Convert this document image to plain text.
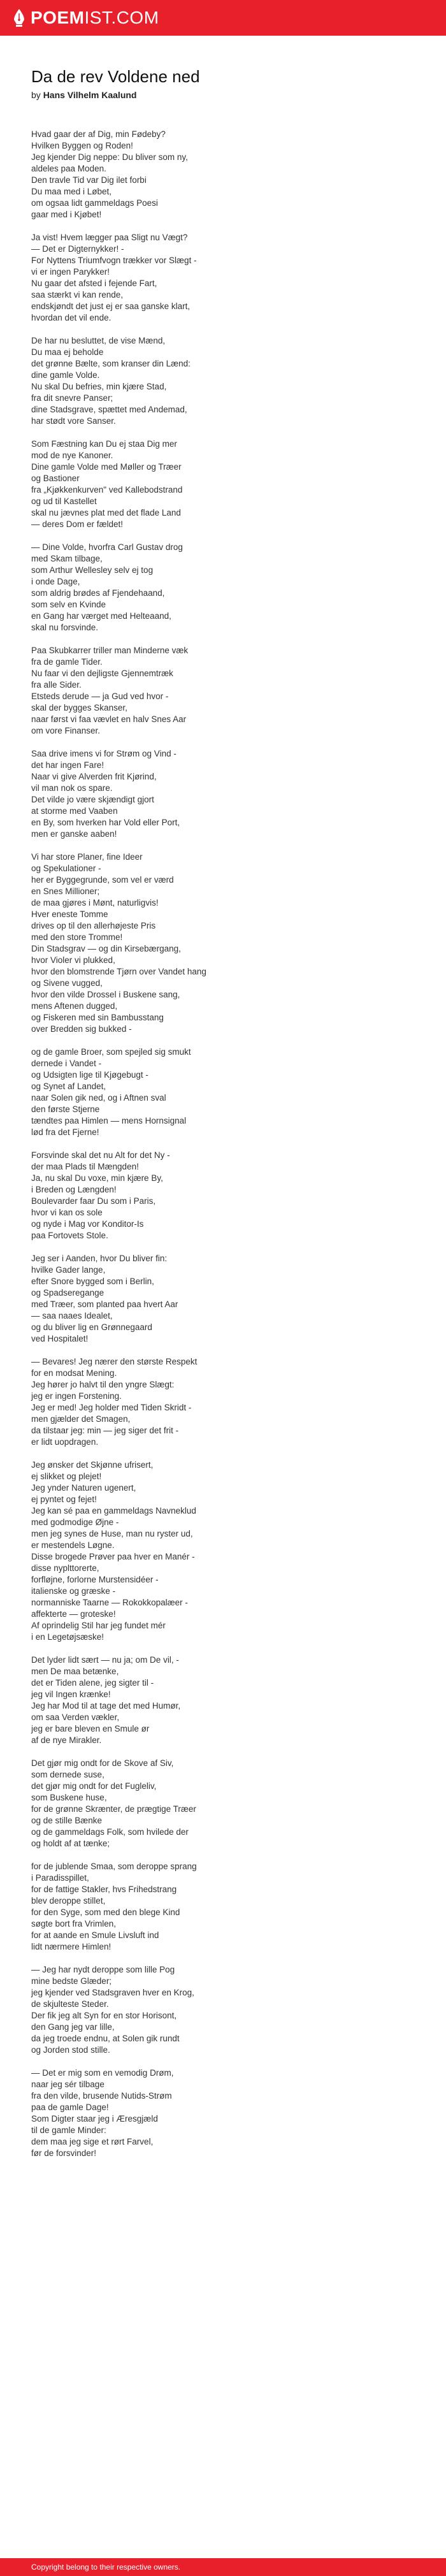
POEMIST.COM
Da de rev Voldene ned
by Hans Vilhelm Kaalund
Hvad gaar der af Dig, min Fødeby?
Hvilken Byggen og Roden!
Jeg kjender Dig neppe: Du bliver som ny,
aldeles paa Moden.
Den travle Tid var Dig ilet forbi
Du maa med i Løbet,
om ogsaa lidt gammeldags Poesi
gaar med i Kjøbet!
Ja vist! Hvem lægger paa Sligt nu Vægt?
— Det er Digternykker! -
For Nyttens Triumfvogn trækker vor Slægt -
vi er ingen Parykker!
Nu gaar det afsted i fejende Fart,
saa stærkt vi kan rende,
endskjøndt det just ej er saa ganske klart,
hvordan det vil ende.
De har nu besluttet, de vise Mænd,
Du maa ej beholde
det grønne Bælte, som kranser din Lænd:
dine gamle Volde.
Nu skal Du befries, min kjære Stad,
fra dit snevre Panser;
dine Stadsgrave, spættet med Andemad,
har stødt vore Sanser.
Som Fæstning kan Du ej staa Dig mer
mod de nye Kanoner.
Dine gamle Volde med Møller og Træer
og Bastioner
fra „Kjøkkenkurven" ved Kallebodstrand
og ud til Kastellet
skal nu jævnes plat med det flade Land
— deres Dom er fældet!
— Dine Volde, hvorfra Carl Gustav drog
med Skam tilbage,
som Arthur Wellesley selv ej tog
i onde Dage,
som aldrig brødes af Fjendehaand,
som selv en Kvinde
en Gang har værget med Helteaand,
skal nu forsvinde.
Paa Skubkarrer triller man Minderne væk
fra de gamle Tider.
Nu faar vi den dejligste Gjennemtræk
fra alle Sider.
Etsteds derude — ja Gud ved hvor -
skal der bygges Skanser,
naar først vi faa vævlet en halv Snes Aar
om vore Finanser.
Saa drive imens vi for Strøm og Vind -
det har ingen Fare!
Naar vi give Alverden frit Kjørind,
vil man nok os spare.
Det vilde jo være skjændigt gjort
at storme med Vaaben
en By, som hverken har Vold eller Port,
men er ganske aaben!
Vi har store Planer, fine Ideer
og Spekulationer -
her er Byggegrunde, som vel er værd
en Snes Millioner;
de maa gjøres i Mønt, naturligvis!
Hver eneste Tomme
drives op til den allerhøjeste Pris
med den store Tromme!
Din Stadsgrav — og din Kirsebærgang,
hvor Violer vi plukked,
hvor den blomstrende Tjørn over Vandet hang
og Sivene vugged,
hvor den vilde Drossel i Buskene sang,
mens Aftenen dugged,
og Fiskeren med sin Bambusstang
over Bredden sig bukked -
og de gamle Broer, som spejled sig smukt
dernede i Vandet -
og Udsigten lige til Kjøgebugt -
og Synet af Landet,
naar Solen gik ned, og i Aftnen sval
den første Stjerne
tændtes paa Himlen — mens Hornsignal
lød fra det Fjerne!
Forsvinde skal det nu Alt for det Ny -
der maa Plads til Mængden!
Ja, nu skal Du voxe, min kjære By,
i Breden og Længden!
Boulevarder faar Du som i Paris,
hvor vi kan os sole
og nyde i Mag vor Konditor-Is
paa Fortovets Stole.
Jeg ser i Aanden, hvor Du bliver fin:
hvilke Gader lange,
efter Snore bygged som i Berlin,
og Spadseregange
med Træer, som planted paa hvert Aar
— saa naaes Idealet,
og du bliver lig en Grønnegaard
ved Hospitalet!
— Bevares! Jeg nærer den største Respekt
for en modsat Mening.
Jeg hører jo halvt til den yngre Slægt:
jeg er ingen Forstening.
Jeg er med! Jeg holder med Tiden Skridt -
men gjælder det Smagen,
da tilstaar jeg: min — jeg siger det frit -
er lidt uopdragen.
Jeg ønsker det Skjønne ufrisert,
ej slikket og plejet!
Jeg ynder Naturen ugenert,
ej pyntet og fejet!
Jeg kan sé paa en gammeldags Navneklud
med godmodige Øjne -
men jeg synes de Huse, man nu ryster ud,
er mestendels Løgne.
Disse brogede Prøver paa hver en Manér -
disse nyplttorerte,
forfløjne, forlorne Murstensidéer -
italienske og græske -
normanniske Taarne — Rokokkopalæer -
affekterte — groteske!
Af oprindelig Stil har jeg fundet mér
i en Legetøjsæske!
Det lyder lidt sært — nu ja; om De vil, -
men De maa betænke,
det er Tiden alene, jeg sigter til -
jeg vil Ingen krænke!
Jeg har Mod til at tage det med Humør,
om saa Verden vækler,
jeg er bare bleven en Smule ør
af de nye Mirakler.
Det gjør mig ondt for de Skove af Siv,
som dernede suse,
det gjør mig ondt for det Fugleliv,
som Buskene huse,
for de grønne Skrænter, de prægtige Træer
og de stille Bænke
og de gammeldags Folk, som hvilede der
og holdt af at tænke;
for de jublende Smaa, som deroppe sprang
i Paradisspillet,
for de fattige Stakler, hvs Frihedstrang
blev deroppe stillet,
for den Syge, som med den blege Kind
søgte bort fra Vrimlen,
for at aande en Smule Livsluft ind
lidt nærmere Himlen!
— Jeg har nydt deroppe som lille Pog
mine bedste Glæder;
jeg kjender ved Stadsgraven hver en Krog,
de skjulteste Steder.
Der fik jeg alt Syn for en stor Horisont,
den Gang jeg var lille,
da jeg troede endnu, at Solen gik rundt
og Jorden stod stille.
— Det er mig som en vemodig Drøm,
naar jeg sér tilbage
fra den vilde, brusende Nutids-Strøm
paa de gamle Dage!
Som Digter staar jeg i Æresgjæld
til de gamle Minder:
dem maa jeg sige et rørt Farvel,
før de forsvinder!
Copyright belong to their respective owners.
